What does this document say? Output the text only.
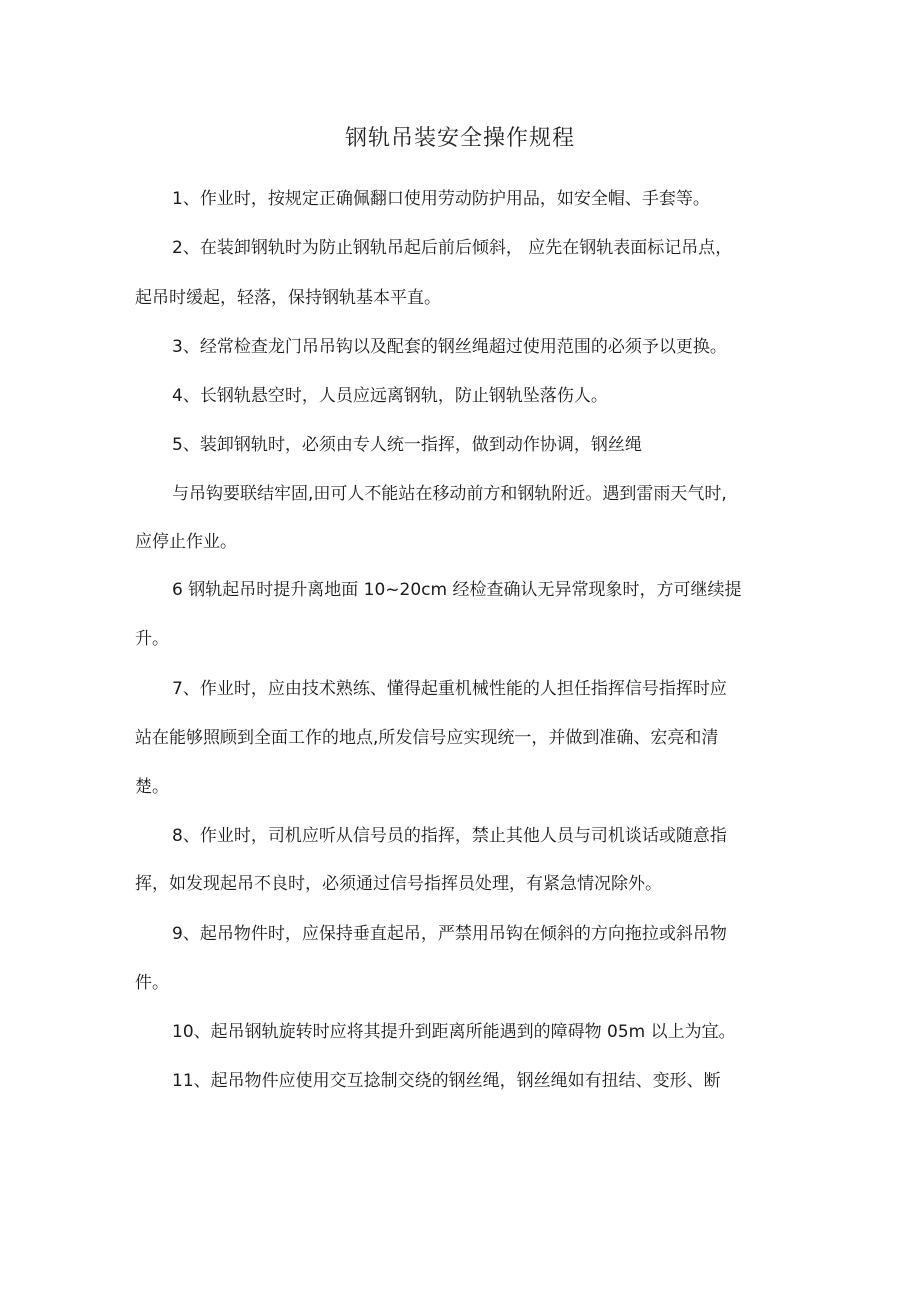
钢轨吊装安全操作规程
1、作业时，按规定正确佩翻口使用劳动防护用品，如安全帽、手套等。
2、在装卸钢轨时为防止钢轨吊起后前后倾斜， 应先在钢轨表面标记吊点，
起吊时缓起，轻落，保持钢轨基本平直。
3、经常检查龙门吊吊钩以及配套的钢丝绳超过使用范围的必须予以更换。
4、长钢轨悬空时，人员应远离钢轨，防止钢轨坠落伤人。
5、装卸钢轨时，必须由专人统一指挥，做到动作协调，钢丝绳
与吊钩要联结牢固,田可人不能站在移动前方和钢轨附近。遇到雷雨天气时,
应停止作业。
6 钢轨起吊时提升离地面 10~20cm 经检查确认无异常现象时，方可继续提
升。
7、作业时，应由技术熟练、懂得起重机械性能的人担任指挥信号指挥时应
站在能够照顾到全面工作的地点,所发信号应实现统一，并做到准确、宏亮和清
楚。
8、作业时，司机应听从信号员的指挥，禁止其他人员与司机谈话或随意指
挥，如发现起吊不良时，必须通过信号指挥员处理，有紧急情况除外。
9、起吊物件时，应保持垂直起吊，严禁用吊钩在倾斜的方向拖拉或斜吊物
件。
10、起吊钢轨旋转时应将其提升到距离所能遇到的障碍物 05m 以上为宜。
11、起吊物件应使用交互捻制交绕的钢丝绳，钢丝绳如有扭结、变形、断
